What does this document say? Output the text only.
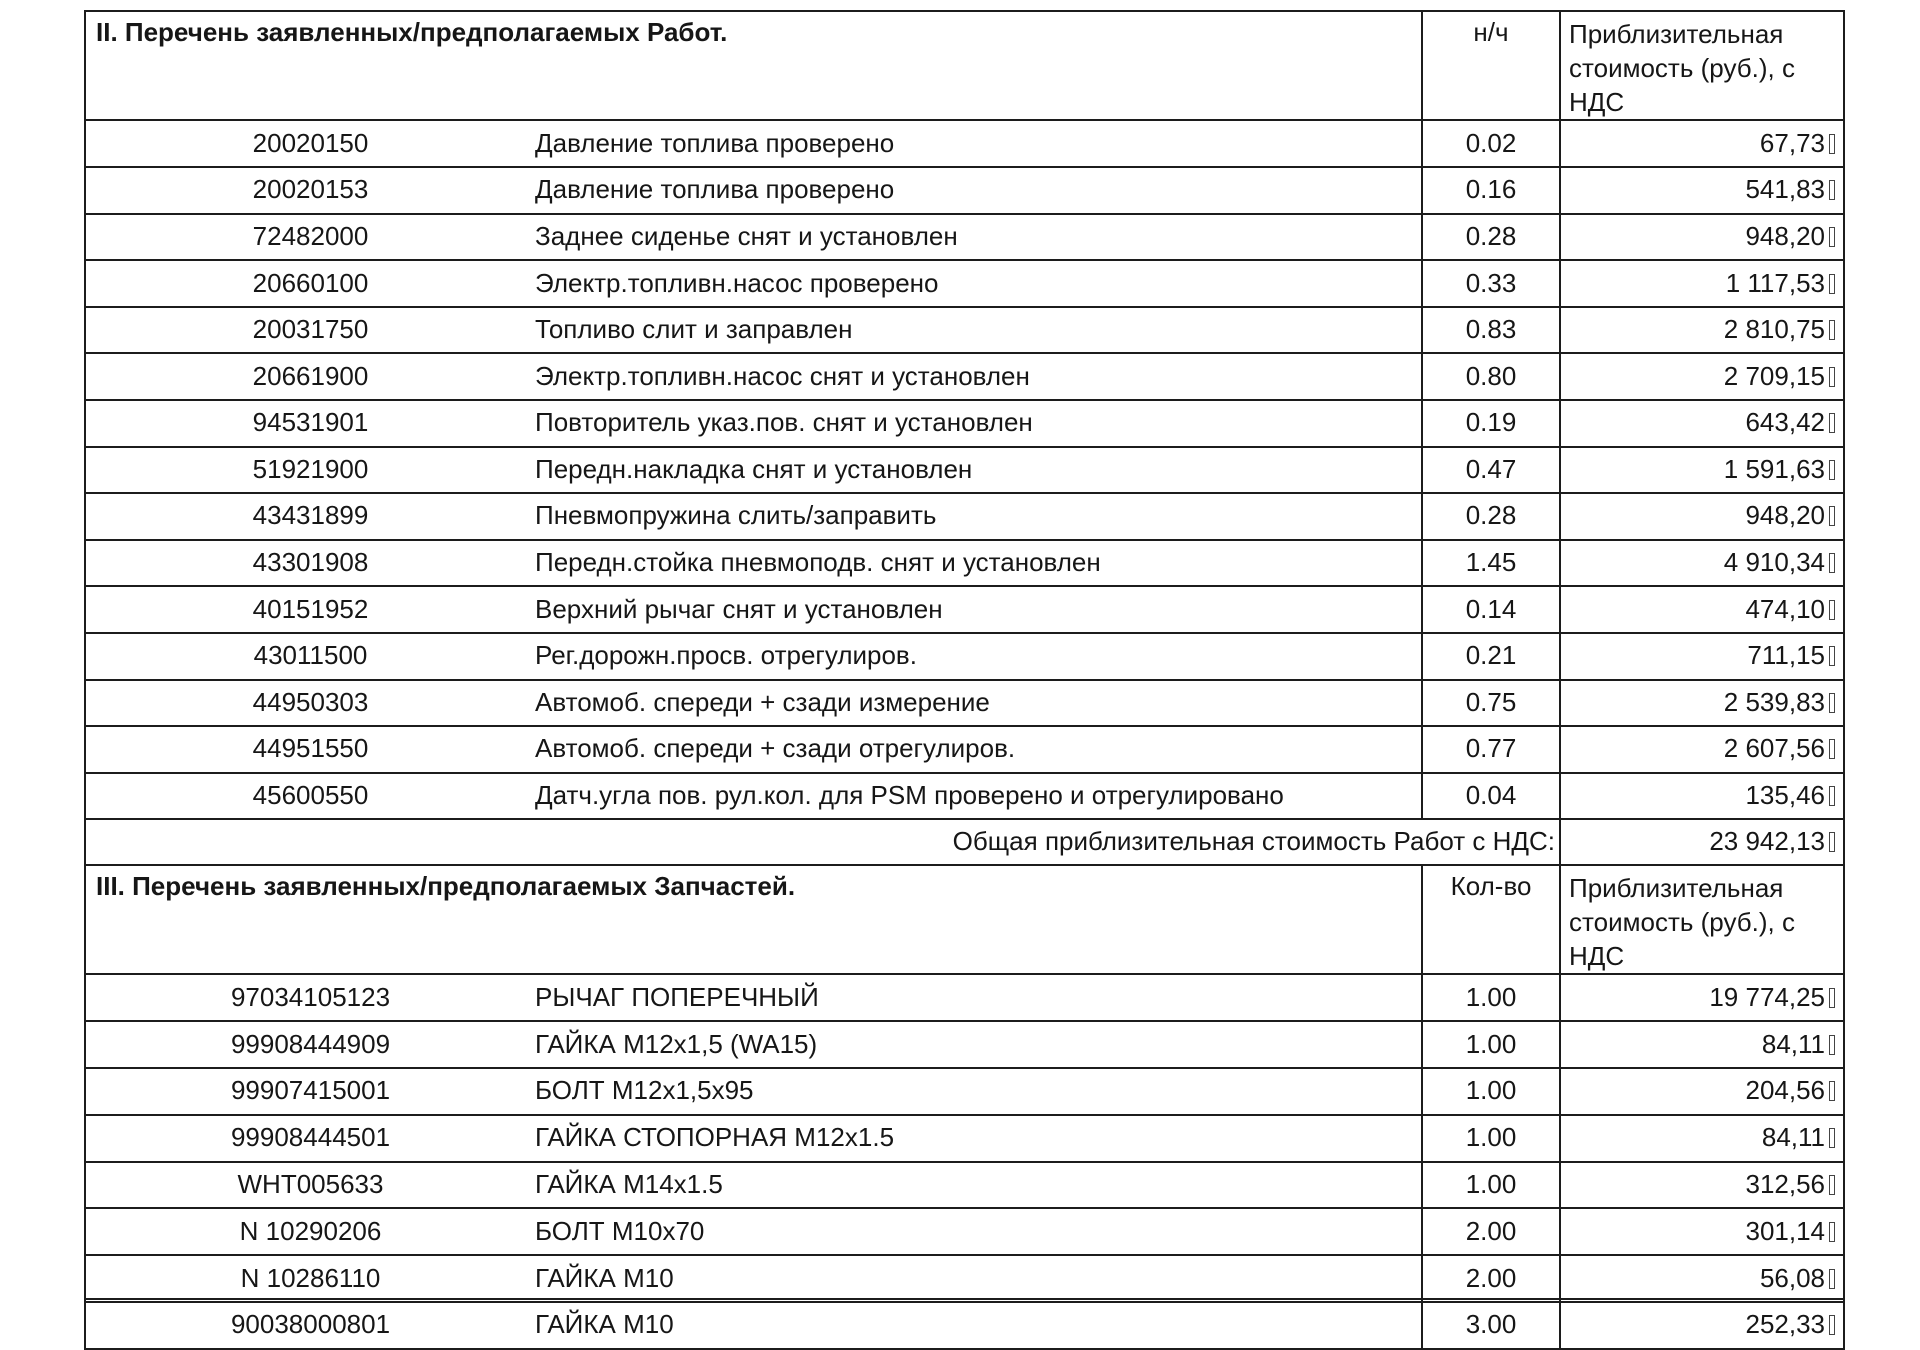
II. Перечень заявленных/предполагаемых Работ.		н/ч	Приблизительная стоимость (руб.), с НДС
20020150	Давление топлива проверено	0.02	67,73
20020153	Давление топлива проверено	0.16	541,83
72482000	Заднее сиденье снят и установлен	0.28	948,20
20660100	Электр.топливн.насос проверено	0.33	1 117,53
20031750	Топливо слит и заправлен	0.83	2 810,75
20661900	Электр.топливн.насос снят и установлен	0.80	2 709,15
94531901	Повторитель указ.пов. снят и установлен	0.19	643,42
51921900	Передн.накладка снят и установлен	0.47	1 591,63
43431899	Пневмопружина слить/заправить	0.28	948,20
43301908	Передн.стойка пневмоподв. снят и установлен	1.45	4 910,34
40151952	Верхний рычаг снят и установлен	0.14	474,10
43011500	Рег.дорожн.просв. отрегулиров.	0.21	711,15
44950303	Автомоб. спереди + сзади измерение	0.75	2 539,83
44951550	Автомоб. спереди + сзади отрегулиров.	0.77	2 607,56
45600550	Датч.угла пов. рул.кол. для PSM проверено и отрегулировано	0.04	135,46
Общая приблизительная стоимость Работ с НДС:			23 942,13
III. Перечень заявленных/предполагаемых Запчастей.		Кол-во	Приблизительная стоимость (руб.), с НДС
97034105123	РЫЧАГ ПОПЕРЕЧНЫЙ	1.00	19 774,25
99908444909	ГАЙКА M12x1,5 (WA15)	1.00	84,11
99907415001	БОЛТ M12x1,5x95	1.00	204,56
99908444501	ГАЙКА СТОПОРНАЯ M12x1.5	1.00	84,11
WHT005633	ГАЙКА M14x1.5	1.00	312,56
N 10290206	БОЛТ M10x70	2.00	301,14
N 10286110	ГАЙКА M10	2.00	56,08
90038000801	ГАЙКА M10	3.00	252,33
